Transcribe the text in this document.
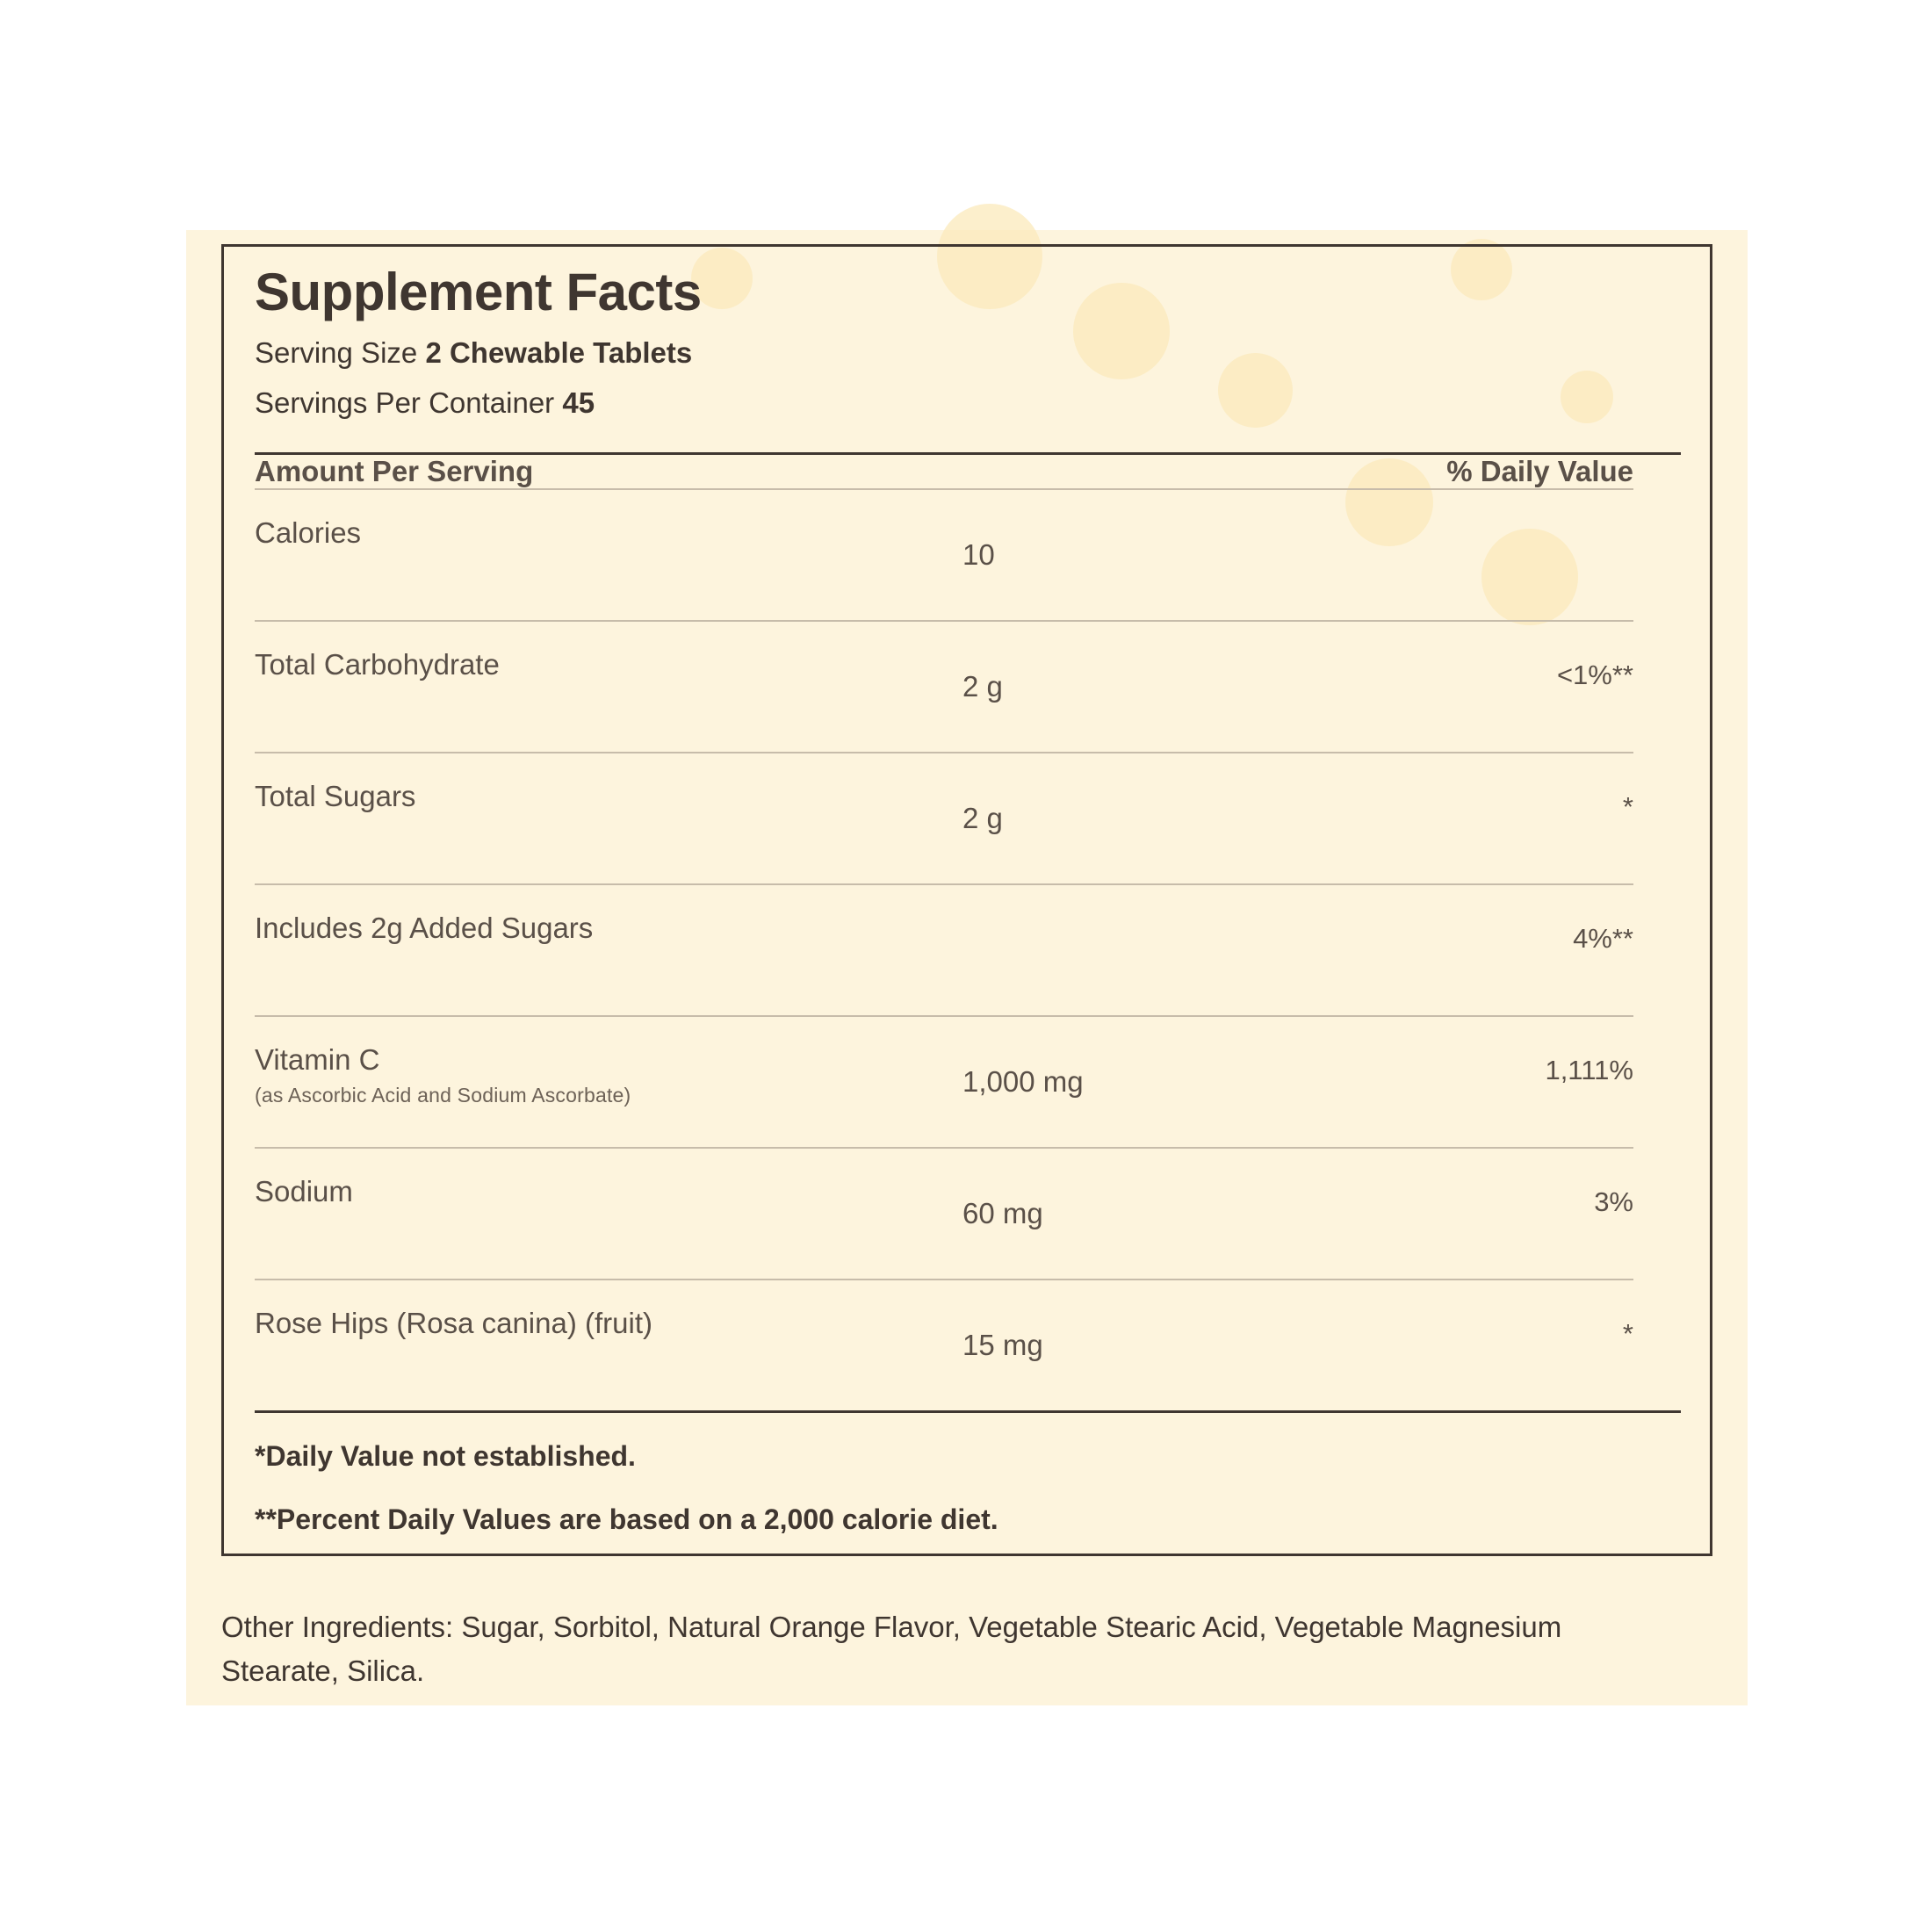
Supplement Facts
Serving Size 2 Chewable Tablets
Servings Per Container 45
Amount Per Serving		% Daily Value
Calories	10	
Total Carbohydrate	2 g	<1%**
Total Sugars	2 g	*
Includes 2g Added Sugars		4%**
Vitamin C
(as Ascorbic Acid and Sodium Ascorbate)	1,000 mg	1,111%
Sodium	60 mg	3%
Rose Hips (Rosa canina) (fruit)	15 mg	*
*Daily Value not established.
**Percent Daily Values are based on a 2,000 calorie diet.
Other Ingredients: Sugar, Sorbitol, Natural Orange Flavor, Vegetable Stearic Acid, Vegetable Magnesium Stearate, Silica.
